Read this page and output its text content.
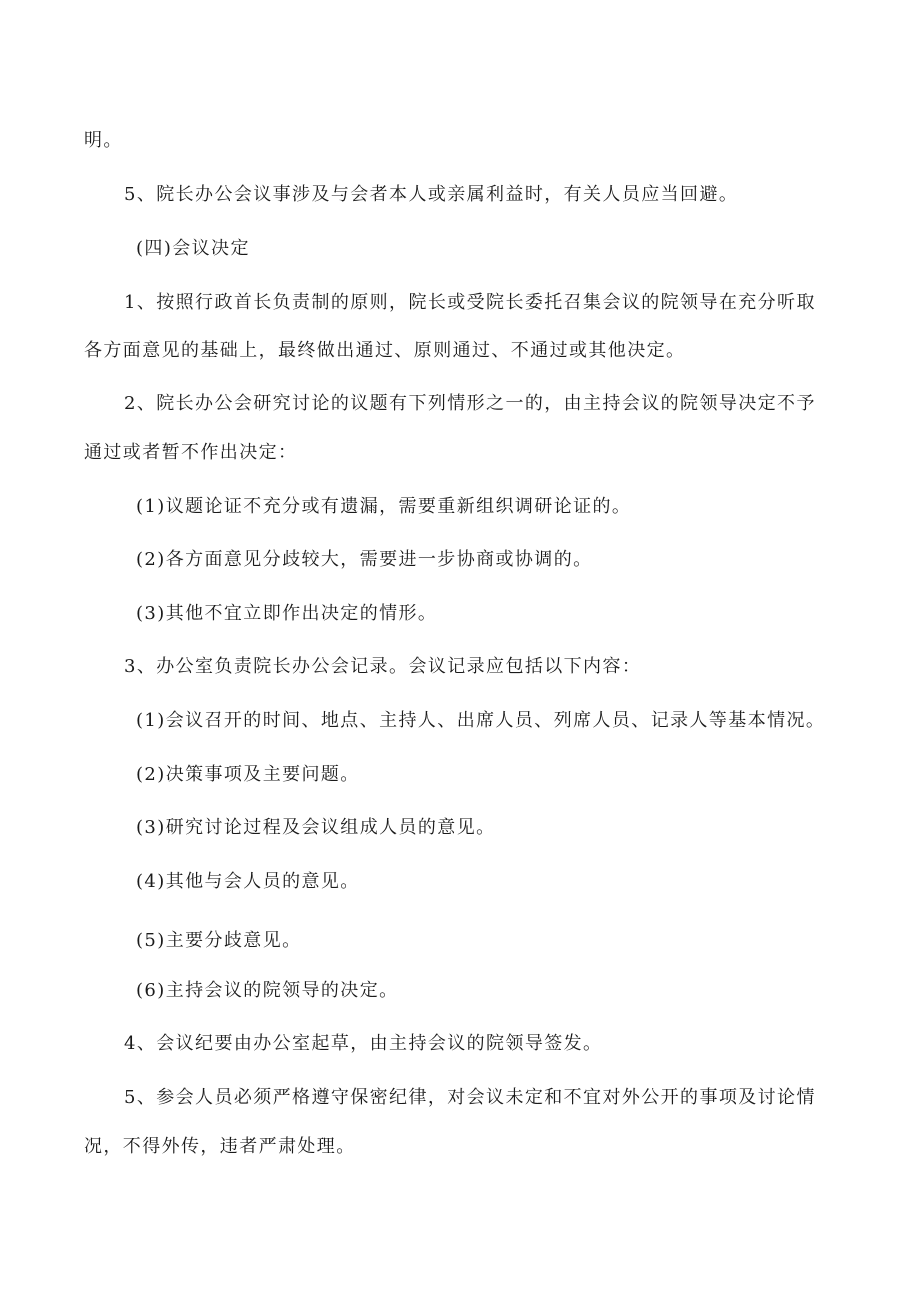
明。
5、院长办公会议事涉及与会者本人或亲属利益时，有关人员应当回避。
(四)会议决定
1、按照行政首长负责制的原则，院长或受院长委托召集会议的院领导在充分听取
各方面意见的基础上，最终做出通过、原则通过、不通过或其他决定。
2、院长办公会研究讨论的议题有下列情形之一的，由主持会议的院领导决定不予
通过或者暂不作出决定：
(1)议题论证不充分或有遗漏，需要重新组织调研论证的。
(2)各方面意见分歧较大，需要进一步协商或协调的。
(3)其他不宜立即作出决定的情形。
3、办公室负责院长办公会记录。会议记录应包括以下内容：
(1)会议召开的时间、地点、主持人、出席人员、列席人员、记录人等基本情况。
(2)决策事项及主要问题。
(3)研究讨论过程及会议组成人员的意见。
(4)其他与会人员的意见。
(5)主要分歧意见。
(6)主持会议的院领导的决定。
4、会议纪要由办公室起草，由主持会议的院领导签发。
5、参会人员必须严格遵守保密纪律，对会议未定和不宜对外公开的事项及讨论情
况，不得外传，违者严肃处理。
